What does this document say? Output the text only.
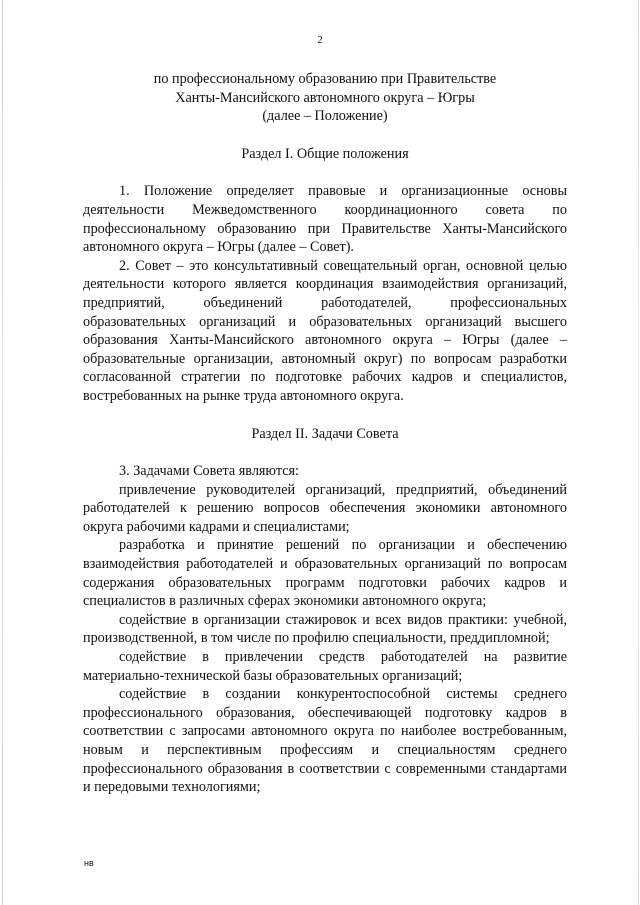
2

по профессиональному образованию при Правительстве

Ханты-Мансийского автономного округа – Югры

(далее – Положение)

Раздел I. Общие положения

1. Положение определяет правовые и организационные основы деятельности Межведомственного координационного совета по профессиональному образованию при Правительстве Ханты-Мансийского автономного округа – Югры (далее – Совет).

2. Совет – это консультативный совещательный орган, основной целью деятельности которого является координация взаимодействия организаций, предприятий, объединений работодателей, профессиональных образовательных организаций и образовательных организаций высшего образования Ханты-Мансийского автономного округа – Югры (далее – образовательные организации, автономный округ) по вопросам разработки согласованной стратегии по подготовке рабочих кадров и специалистов, востребованных на рынке труда автономного округа.

Раздел II. Задачи Совета

3. Задачами Совета являются:

привлечение руководителей организаций, предприятий, объединений работодателей к решению вопросов обеспечения экономики автономного округа рабочими кадрами и специалистами;

разработка и принятие решений по организации и обеспечению взаимодействия работодателей и образовательных организаций по вопросам содержания образовательных программ подготовки рабочих кадров и специалистов в различных сферах экономики автономного округа;

содействие в организации стажировок и всех видов практики: учебной, производственной, в том числе по профилю специальности, преддипломной;

содействие в привлечении средств работодателей на развитие материально-технической базы образовательных организаций;

содействие в создании конкурентоспособной системы среднего профессионального образования, обеспечивающей подготовку кадров в соответствии с запросами автономного округа по наиболее востребованным, новым и перспективным профессиям и специальностям среднего профессионального образования в соответствии с современными стандартами и передовыми технологиями;

нв
